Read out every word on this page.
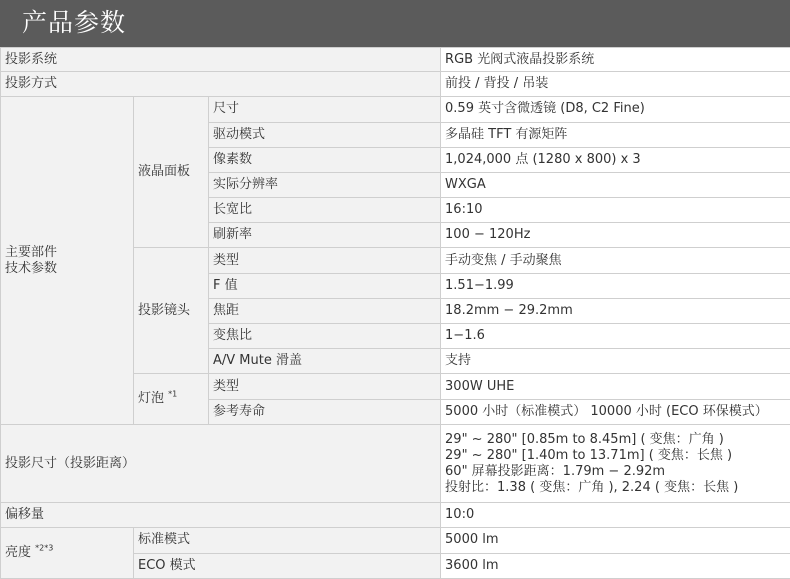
产品参数
投影系统			RGB 光阀式液晶投影系统
投影方式			前投 / 背投 / 吊装

主要部件
技术参数	液晶面板	尺寸	0.59 英寸含微透镜 (D8, C2 Fine)
		驱动模式	多晶硅 TFT 有源矩阵
		像素数	1,024,000 点 (1280 x 800) x 3
		实际分辨率	WXGA
		长宽比	16:10
		刷新率	100 − 120Hz
	投影镜头	类型	手动变焦 / 手动聚焦
		F 值	1.51−1.99
		焦距	18.2mm − 29.2mm
		变焦比	1−1.6
		A/V Mute 滑盖	支持
	灯泡 $^{*1}$	类型	300W UHE
		参考寿命	5000 小时（标准模式） 10000 小时 (ECO 环保模式）
投影尺寸（投影距离）			29" ~ 280" [0.85m to 8.45m] ( 变焦：广角 )
29" ~ 280" [1.40m to 13.71m] ( 变焦：长焦 )
60" 屏幕投影距离：1.79m − 2.92m
投射比：1.38 ( 变焦：广角 ), 2.24 ( 变焦：长焦 )

偏移量			10:0
亮度 $^{*2*3}$	标准模式		5000 lm
	ECO 模式		3600 lm
